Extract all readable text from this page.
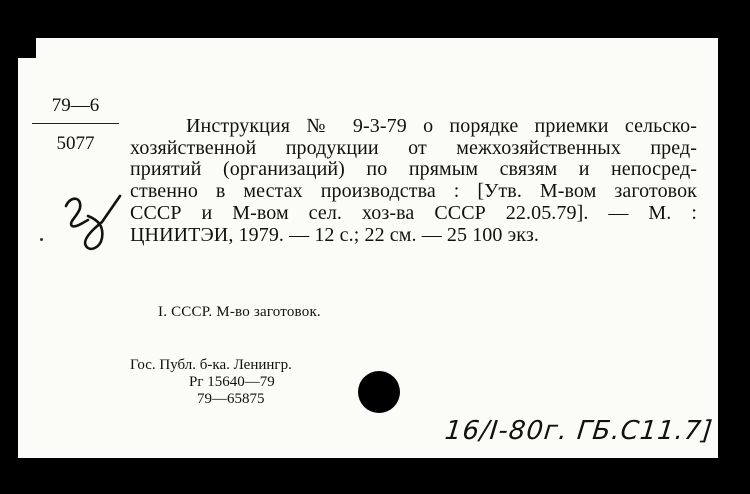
79—6
5077
Инструкция № 9-3-79 о порядке приемки сельско-
хозяйственной продукции от межхозяйственных пред-
приятий (организаций) по прямым связям и непосред-
ственно в местах производства : [Утв. М-вом заготовок
СССР и М-вом сел. хоз-ва СССР 22.05.79]. — М. :
ЦНИИТЭИ, 1979. — 12 с.; 22 см. — 25 100 экз.
I. СССР. М-во заготовок.
Гос. Публ. б-ка. Ленингр.
Рг 15640—79
79—65875
16/I-80г. ГБ.С11.7]
